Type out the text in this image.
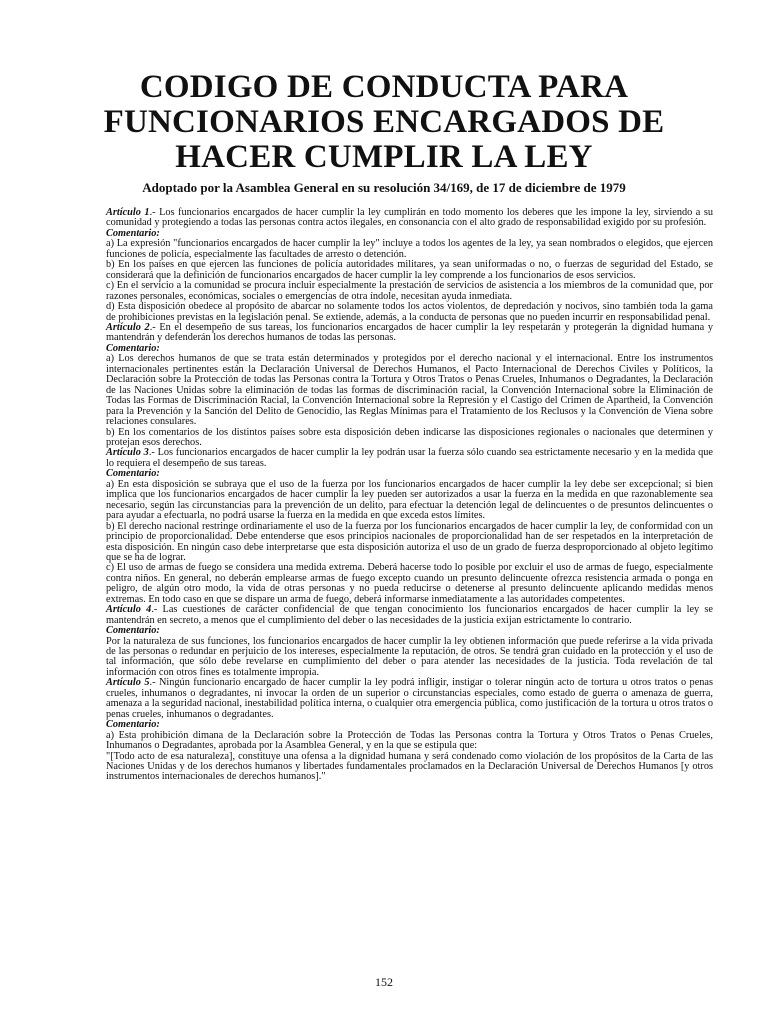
CODIGO DE CONDUCTA PARA
FUNCIONARIOS ENCARGADOS DE
HACER CUMPLIR LA LEY

Adoptado por la Asamblea General en su resolución 34/169, de 17 de diciembre de 1979

Artículo 1.- Los funcionarios encargados de hacer cumplir la ley cumplirán en todo momento los deberes que les impone la ley, sirviendo a su comunidad y protegiendo a todas las personas contra actos ilegales, en consonancia con el alto grado de responsabilidad exigido por su profesión.

Comentario:

a) La expresión "funcionarios encargados de hacer cumplir la ley" incluye a todos los agentes de la ley, ya sean nombrados o elegidos, que ejercen funciones de policía, especialmente las facultades de arresto o detención.

b) En los países en que ejercen las funciones de policía autoridades militares, ya sean uniformadas o no, o fuerzas de seguridad del Estado, se considerará que la definición de funcionarios encargados de hacer cumplir la ley comprende a los funcionarios de esos servicios.

c) En el servicio a la comunidad se procura incluir especialmente la prestación de servicios de asistencia a los miembros de la comunidad que, por razones personales, económicas, sociales o emergencias de otra índole, necesitan ayuda inmediata.

d) Esta disposición obedece al propósito de abarcar no solamente todos los actos violentos, de depredación y nocivos, sino también toda la gama de prohibiciones previstas en la legislación penal. Se extiende, además, a la conducta de personas que no pueden incurrir en responsabilidad penal.

Artículo 2.- En el desempeño de sus tareas, los funcionarios encargados de hacer cumplir la ley respetarán y protegerán la dignidad humana y mantendrán y defenderán los derechos humanos de todas las personas.

Comentario:

a) Los derechos humanos de que se trata están determinados y protegidos por el derecho nacional y el internacional. Entre los instrumentos internacionales pertinentes están la Declaración Universal de Derechos Humanos, el Pacto Internacional de Derechos Civiles y Políticos, la Declaración sobre la Protección de todas las Personas contra la Tortura y Otros Tratos o Penas Crueles, Inhumanos o Degradantes, la Declaración de las Naciones Unidas sobre la eliminación de todas las formas de discriminación racial, la Convención Internacional sobre la Eliminación de Todas las Formas de Discriminación Racial, la Convención Internacional sobre la Represión y el Castigo del Crimen de Apartheid, la Convención para la Prevención y la Sanción del Delito de Genocidio, las Reglas Mínimas para el Tratamiento de los Reclusos y la Convención de Viena sobre relaciones consulares.

b) En los comentarios de los distintos países sobre esta disposición deben indicarse las disposiciones regionales o nacionales que determinen y protejan esos derechos.

Artículo 3.- Los funcionarios encargados de hacer cumplir la ley podrán usar la fuerza sólo cuando sea estrictamente necesario y en la medida que lo requiera el desempeño de sus tareas.

Comentario:

a) En esta disposición se subraya que el uso de la fuerza por los funcionarios encargados de hacer cumplir la ley debe ser excepcional; si bien implica que los funcionarios encargados de hacer cumplir la ley pueden ser autorizados a usar la fuerza en la medida en que razonablemente sea necesario, según las circunstancias para la prevención de un delito, para efectuar la detención legal de delincuentes o de presuntos delincuentes o para ayudar a efectuarla, no podrá usarse la fuerza en la medida en que exceda estos límites.

b) El derecho nacional restringe ordinariamente el uso de la fuerza por los funcionarios encargados de hacer cumplir la ley, de conformidad con un principio de proporcionalidad. Debe entenderse que esos principios nacionales de proporcionalidad han de ser respetados en la interpretación de esta disposición. En ningún caso debe interpretarse que esta disposición autoriza el uso de un grado de fuerza desproporcionado al objeto legítimo que se ha de lograr.

c) El uso de armas de fuego se considera una medida extrema. Deberá hacerse todo lo posible por excluir el uso de armas de fuego, especialmente contra niños. En general, no deberán emplearse armas de fuego excepto cuando un presunto delincuente ofrezca resistencia armada o ponga en peligro, de algún otro modo, la vida de otras personas y no pueda reducirse o detenerse al presunto delincuente aplicando medidas menos extremas. En todo caso en que se dispare un arma de fuego, deberá informarse inmediatamente a las autoridades competentes.

Artículo 4.- Las cuestiones de carácter confidencial de que tengan conocimiento los funcionarios encargados de hacer cumplir la ley se mantendrán en secreto, a menos que el cumplimiento del deber o las necesidades de la justicia exijan estrictamente lo contrario.

Comentario:

Por la naturaleza de sus funciones, los funcionarios encargados de hacer cumplir la ley obtienen información que puede referirse a la vida privada de las personas o redundar en perjuicio de los intereses, especialmente la reputación, de otros. Se tendrá gran cuidado en la protección y el uso de tal información, que sólo debe revelarse en cumplimiento del deber o para atender las necesidades de la justicia. Toda revelación de tal información con otros fines es totalmente impropia.

Artículo 5.- Ningún funcionario encargado de hacer cumplir la ley podrá infligir, instigar o tolerar ningún acto de tortura u otros tratos o penas crueles, inhumanos o degradantes, ni invocar la orden de un superior o circunstancias especiales, como estado de guerra o amenaza de guerra, amenaza a la seguridad nacional, inestabilidad política interna, o cualquier otra emergencia pública, como justificación de la tortura u otros tratos o penas crueles, inhumanos o degradantes.

Comentario:

a) Esta prohibición dimana de la Declaración sobre la Protección de Todas las Personas contra la Tortura y Otros Tratos o Penas Crueles, Inhumanos o Degradantes, aprobada por la Asamblea General, y en la que se estipula que:

"[Todo acto de esa naturaleza], constituye una ofensa a la dignidad humana y será condenado como violación de los propósitos de la Carta de las Naciones Unidas y de los derechos humanos y libertades fundamentales proclamados en la Declaración Universal de Derechos Humanos [y otros instrumentos internacionales de derechos humanos]."

152
